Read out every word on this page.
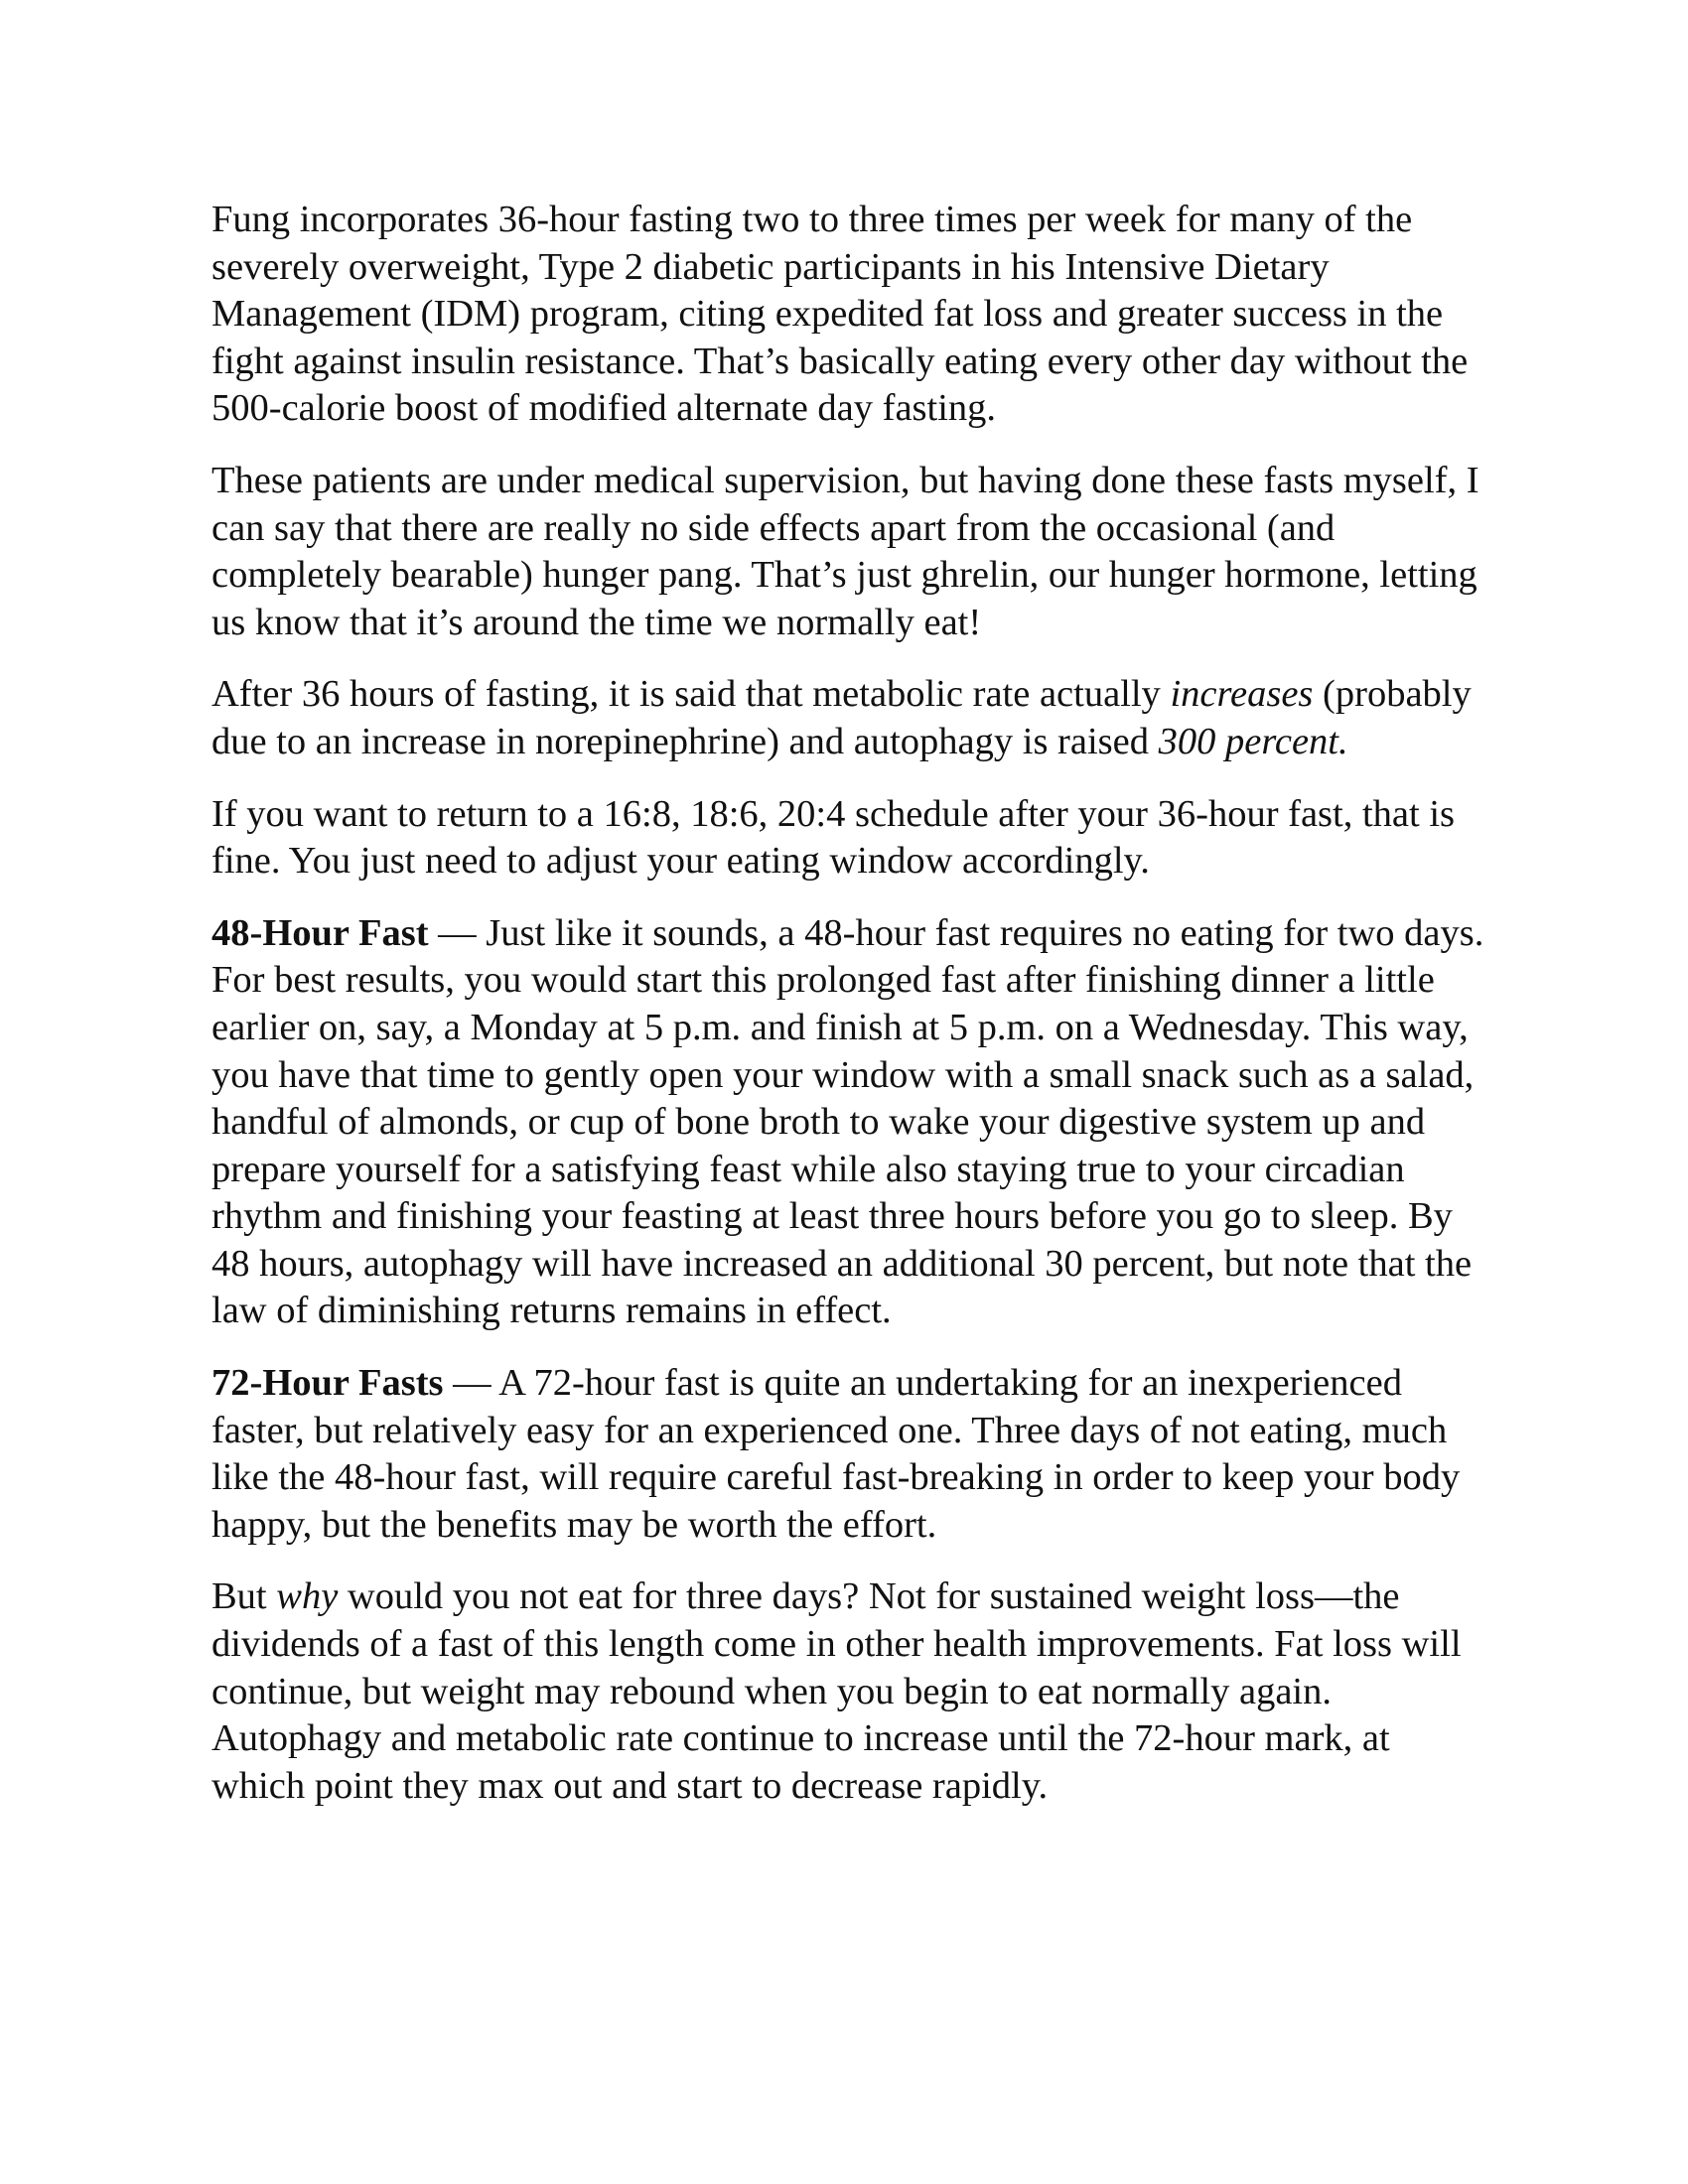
Fung incorporates 36-hour fasting two to three times per week for many of the severely overweight, Type 2 diabetic participants in his Intensive Dietary Management (IDM) program, citing expedited fat loss and greater success in the fight against insulin resistance. That’s basically eating every other day without the 500-calorie boost of modified alternate day fasting.

These patients are under medical supervision, but having done these fasts myself, I can say that there are really no side effects apart from the occasional (and completely bearable) hunger pang. That’s just ghrelin, our hunger hormone, letting us know that it’s around the time we normally eat!

After 36 hours of fasting, it is said that metabolic rate actually increases (probably due to an increase in norepinephrine) and autophagy is raised 300 percent.

If you want to return to a 16:8, 18:6, 20:4 schedule after your 36-hour fast, that is fine. You just need to adjust your eating window accordingly.

48-Hour Fast — Just like it sounds, a 48-hour fast requires no eating for two days. For best results, you would start this prolonged fast after finishing dinner a little earlier on, say, a Monday at 5 p.m. and finish at 5 p.m. on a Wednesday. This way, you have that time to gently open your window with a small snack such as a salad, handful of almonds, or cup of bone broth to wake your digestive system up and prepare yourself for a satisfying feast while also staying true to your circadian rhythm and finishing your feasting at least three hours before you go to sleep. By 48 hours, autophagy will have increased an additional 30 percent, but note that the law of diminishing returns remains in effect.

72-Hour Fasts — A 72-hour fast is quite an undertaking for an inexperienced faster, but relatively easy for an experienced one. Three days of not eating, much like the 48-hour fast, will require careful fast-breaking in order to keep your body happy, but the benefits may be worth the effort.

But why would you not eat for three days? Not for sustained weight loss—the dividends of a fast of this length come in other health improvements. Fat loss will continue, but weight may rebound when you begin to eat normally again. Autophagy and metabolic rate continue to increase until the 72-hour mark, at which point they max out and start to decrease rapidly.
